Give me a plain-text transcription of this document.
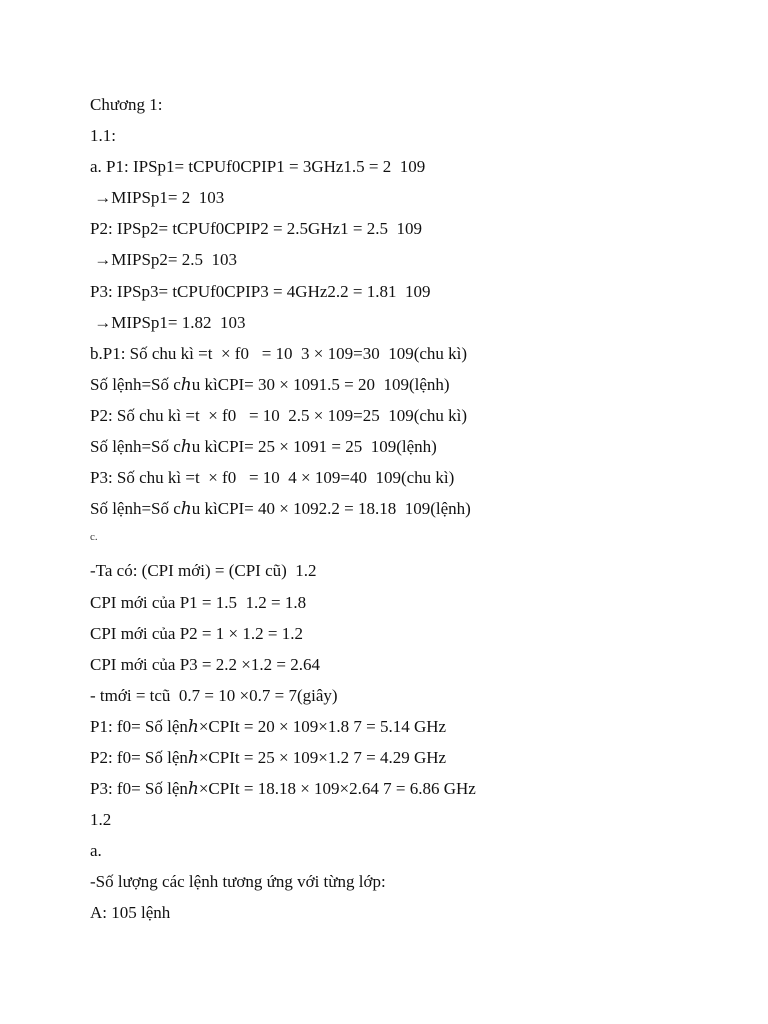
Chương 1:
1.1:
a. P1: IPSp1= tCPUf0CPIP1 = 3GHz1.5 = 2  109
→MIPSp1= 2  103
P2: IPSp2= tCPUf0CPIP2 = 2.5GHz1 = 2.5  109
→MIPSp2= 2.5  103
P3: IPSp3= tCPUf0CPIP3 = 4GHz2.2 = 1.81  109
→MIPSp1= 1.82  103
b.P1: Số chu kì =t  × f0   = 10  3 × 109=30  109(chu kì)
Số lệnh=Số cℎu kìCPI= 30 × 1091.5 = 20  109(lệnh)
P2: Số chu kì =t  × f0   = 10  2.5 × 109=25  109(chu kì)
Số lệnh=Số cℎu kìCPI= 25 × 1091 = 25  109(lệnh)
P3: Số chu kì =t  × f0   = 10  4 × 109=40  109(chu kì)
Số lệnh=Số cℎu kìCPI= 40 × 1092.2 = 18.18  109(lệnh)
c.
-Ta có: (CPI mới) = (CPI cũ)  1.2
CPI mới của P1 = 1.5  1.2 = 1.8
CPI mới của P2 = 1 × 1.2 = 1.2
CPI mới của P3 = 2.2 ×1.2 = 2.64
- tmới = tcũ  0.7 = 10 ×0.7 = 7(giây)
P1: f0= Số lệnℎ×CPIt = 20 × 109×1.8 7 = 5.14 GHz
P2: f0= Số lệnℎ×CPIt = 25 × 109×1.2 7 = 4.29 GHz
P3: f0= Số lệnℎ×CPIt = 18.18 × 109×2.64 7 = 6.86 GHz
1.2
a.
-Số lượng các lệnh tương ứng với từng lớp:
A: 105 lệnh
